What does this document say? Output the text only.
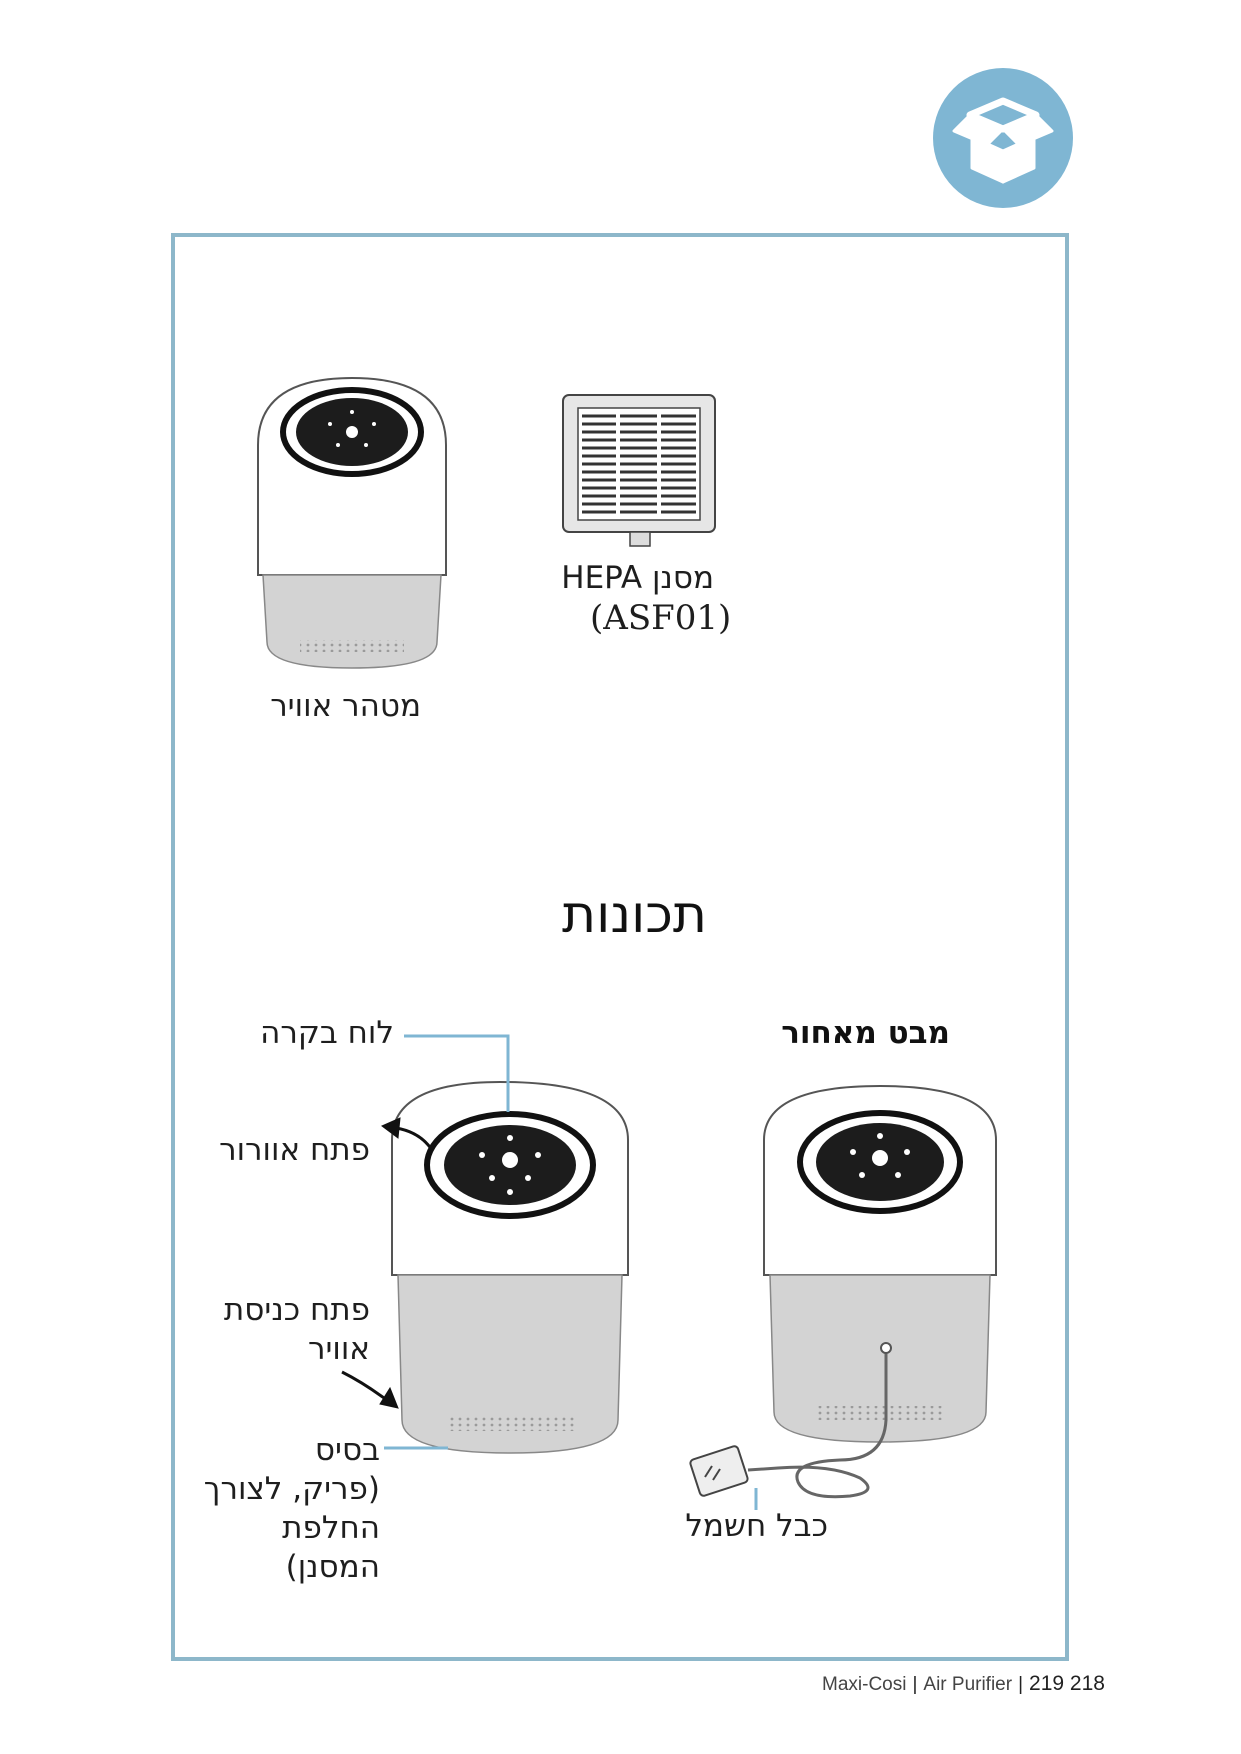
מטהר אוויר
מסנן HEPA
(ASF01)
תכונות
מבט מאחור
לוח בקרה
פתח אוורור
פתח כניסת
אוויר
בסיס
(פריק, לצורך
החלפת
המסנן)
כבל חשמל
Maxi-Cosi | Air Purifier | 219 218
